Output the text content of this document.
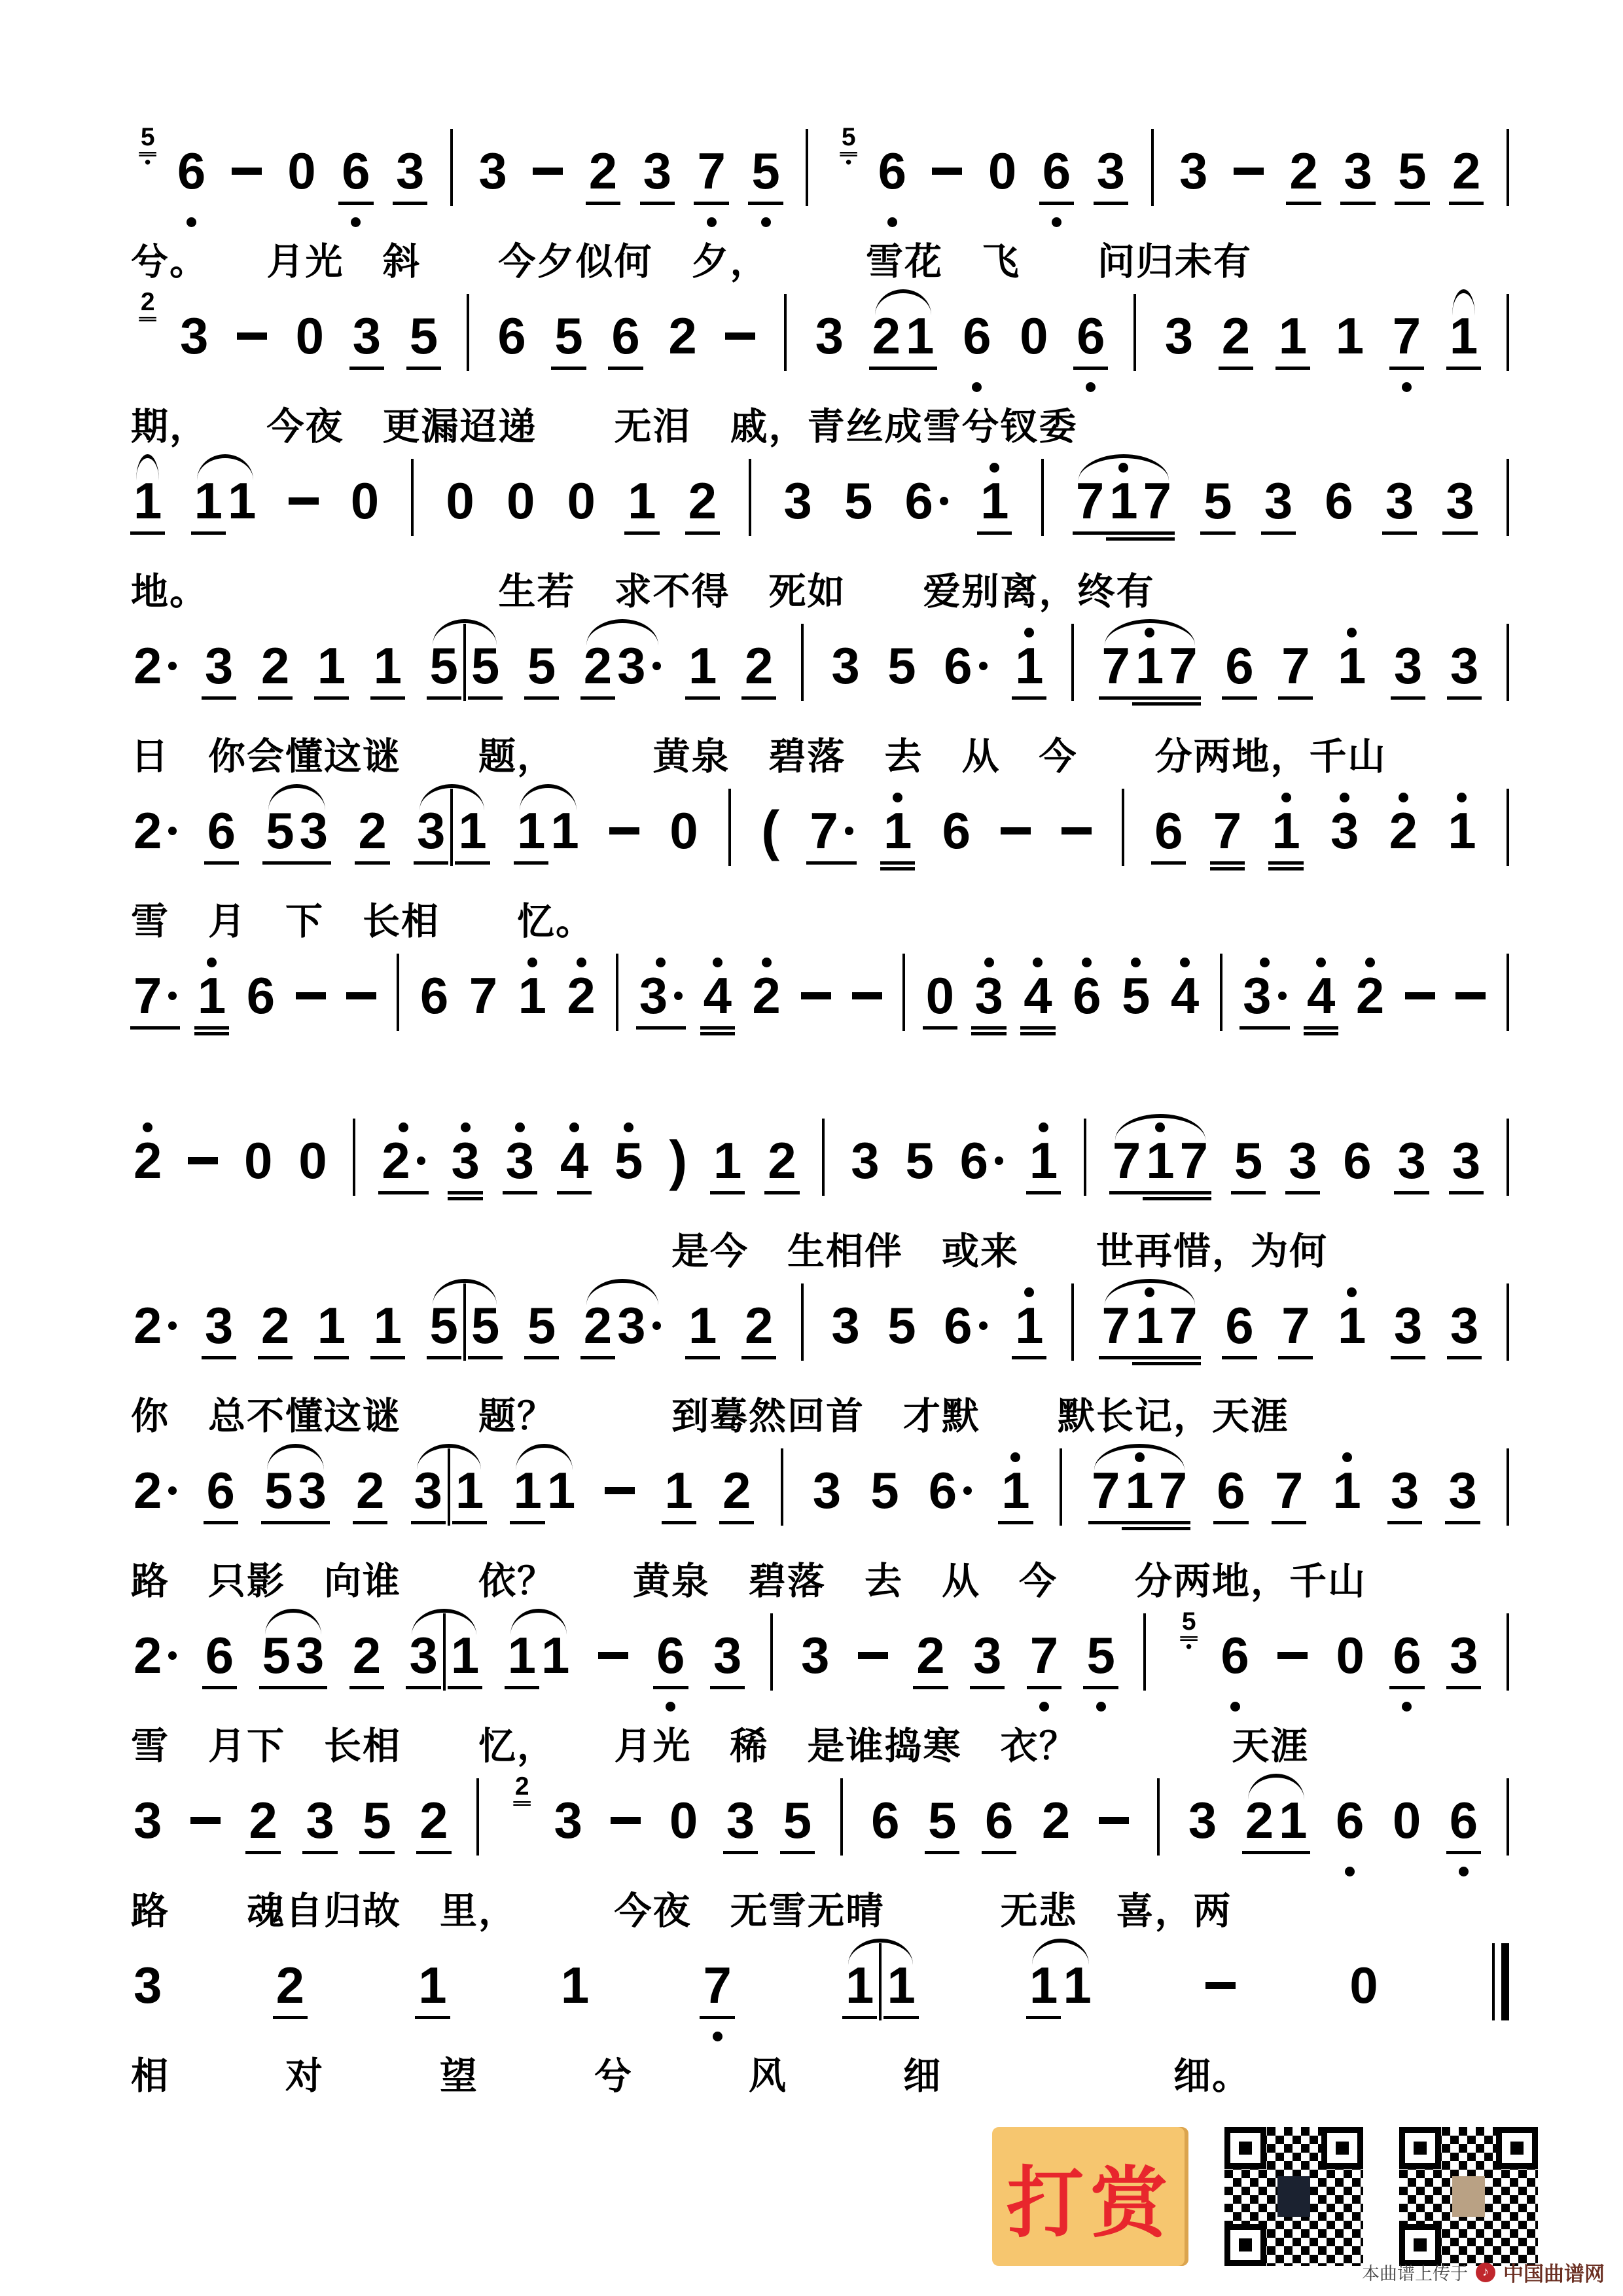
5
6 0 6 3 3 2 3 7 5
5
6 0 6 3 3 2 3 5 2
兮。　　月光　斜　　今夕似何　夕，　　　雪花　飞　　问归未有
2
3 0 3 5 6 5 6 2 3 2 1 6 0 6 3 2 1 1 7 1
期，　　今夜　更漏迢递　　无泪　戚，青丝成雪兮钗委
1 1 1 0 0 0 0 1 2 3 5 6 1 7 1 7 5 3 6 3 3
地。　　　　　　　　生若　求不得　死如　　爱别离，终有
2 3 2 1 1 5 5 5 2 3 1 2 3 5 6 1 7 1 7 6 7 1 3 3
日　你会懂这谜　　题，　　　黄泉　碧落　去　从　今　　分两地，千山
2 6 5 3 2 3 1 1 1 0 ( 7 1 6	6 7 1 3 2 1
雪　月　下　长相　　忆。
7 1 6	6 7 1 2 3 4 2	0 3 4 6 5 4 3 4 2
2 0 0 2 3 3 4 5 ) 1 2 3 5 6 1 7 1 7 5 3 6 3 3
　　　　　　　　　　　　　　是今　生相伴　或来　　世再惜，为何
2 3 2 1 1 5 5 5 2 3 1 2 3 5 6 1 7 1 7 6 7 1 3 3
你　总不懂这谜　　题？　　　到蓦然回首　才默　　默长记，天涯
2 6 5 3 2 3 1 1 1 1 2 3 5 6 1 7 1 7 6 7 1 3 3
路　只影　向谁　　依？　　黄泉　碧落　去　从　今　　分两地，千山
2 6 5 3 2 3 1 1 1 6 3 3 2 3 7 5
5
6 0 6 3
雪　月下　长相　　忆，　　月光　稀　是谁捣寒　衣？　　　　天涯
3 2 3 5 2
2
3 0 3 5 6 5 6 2 3 2 1 6 0 6
路　　魂自归故　里，　　　今夜　无雪无晴　　　无悲　喜，两
3 2 1 1 7 1 1 1 1	0
相　　　对　　　望　　　兮　　　风　　　细　　　　　　细。
打赏
本曲谱上传于	♪ 中国曲谱网
